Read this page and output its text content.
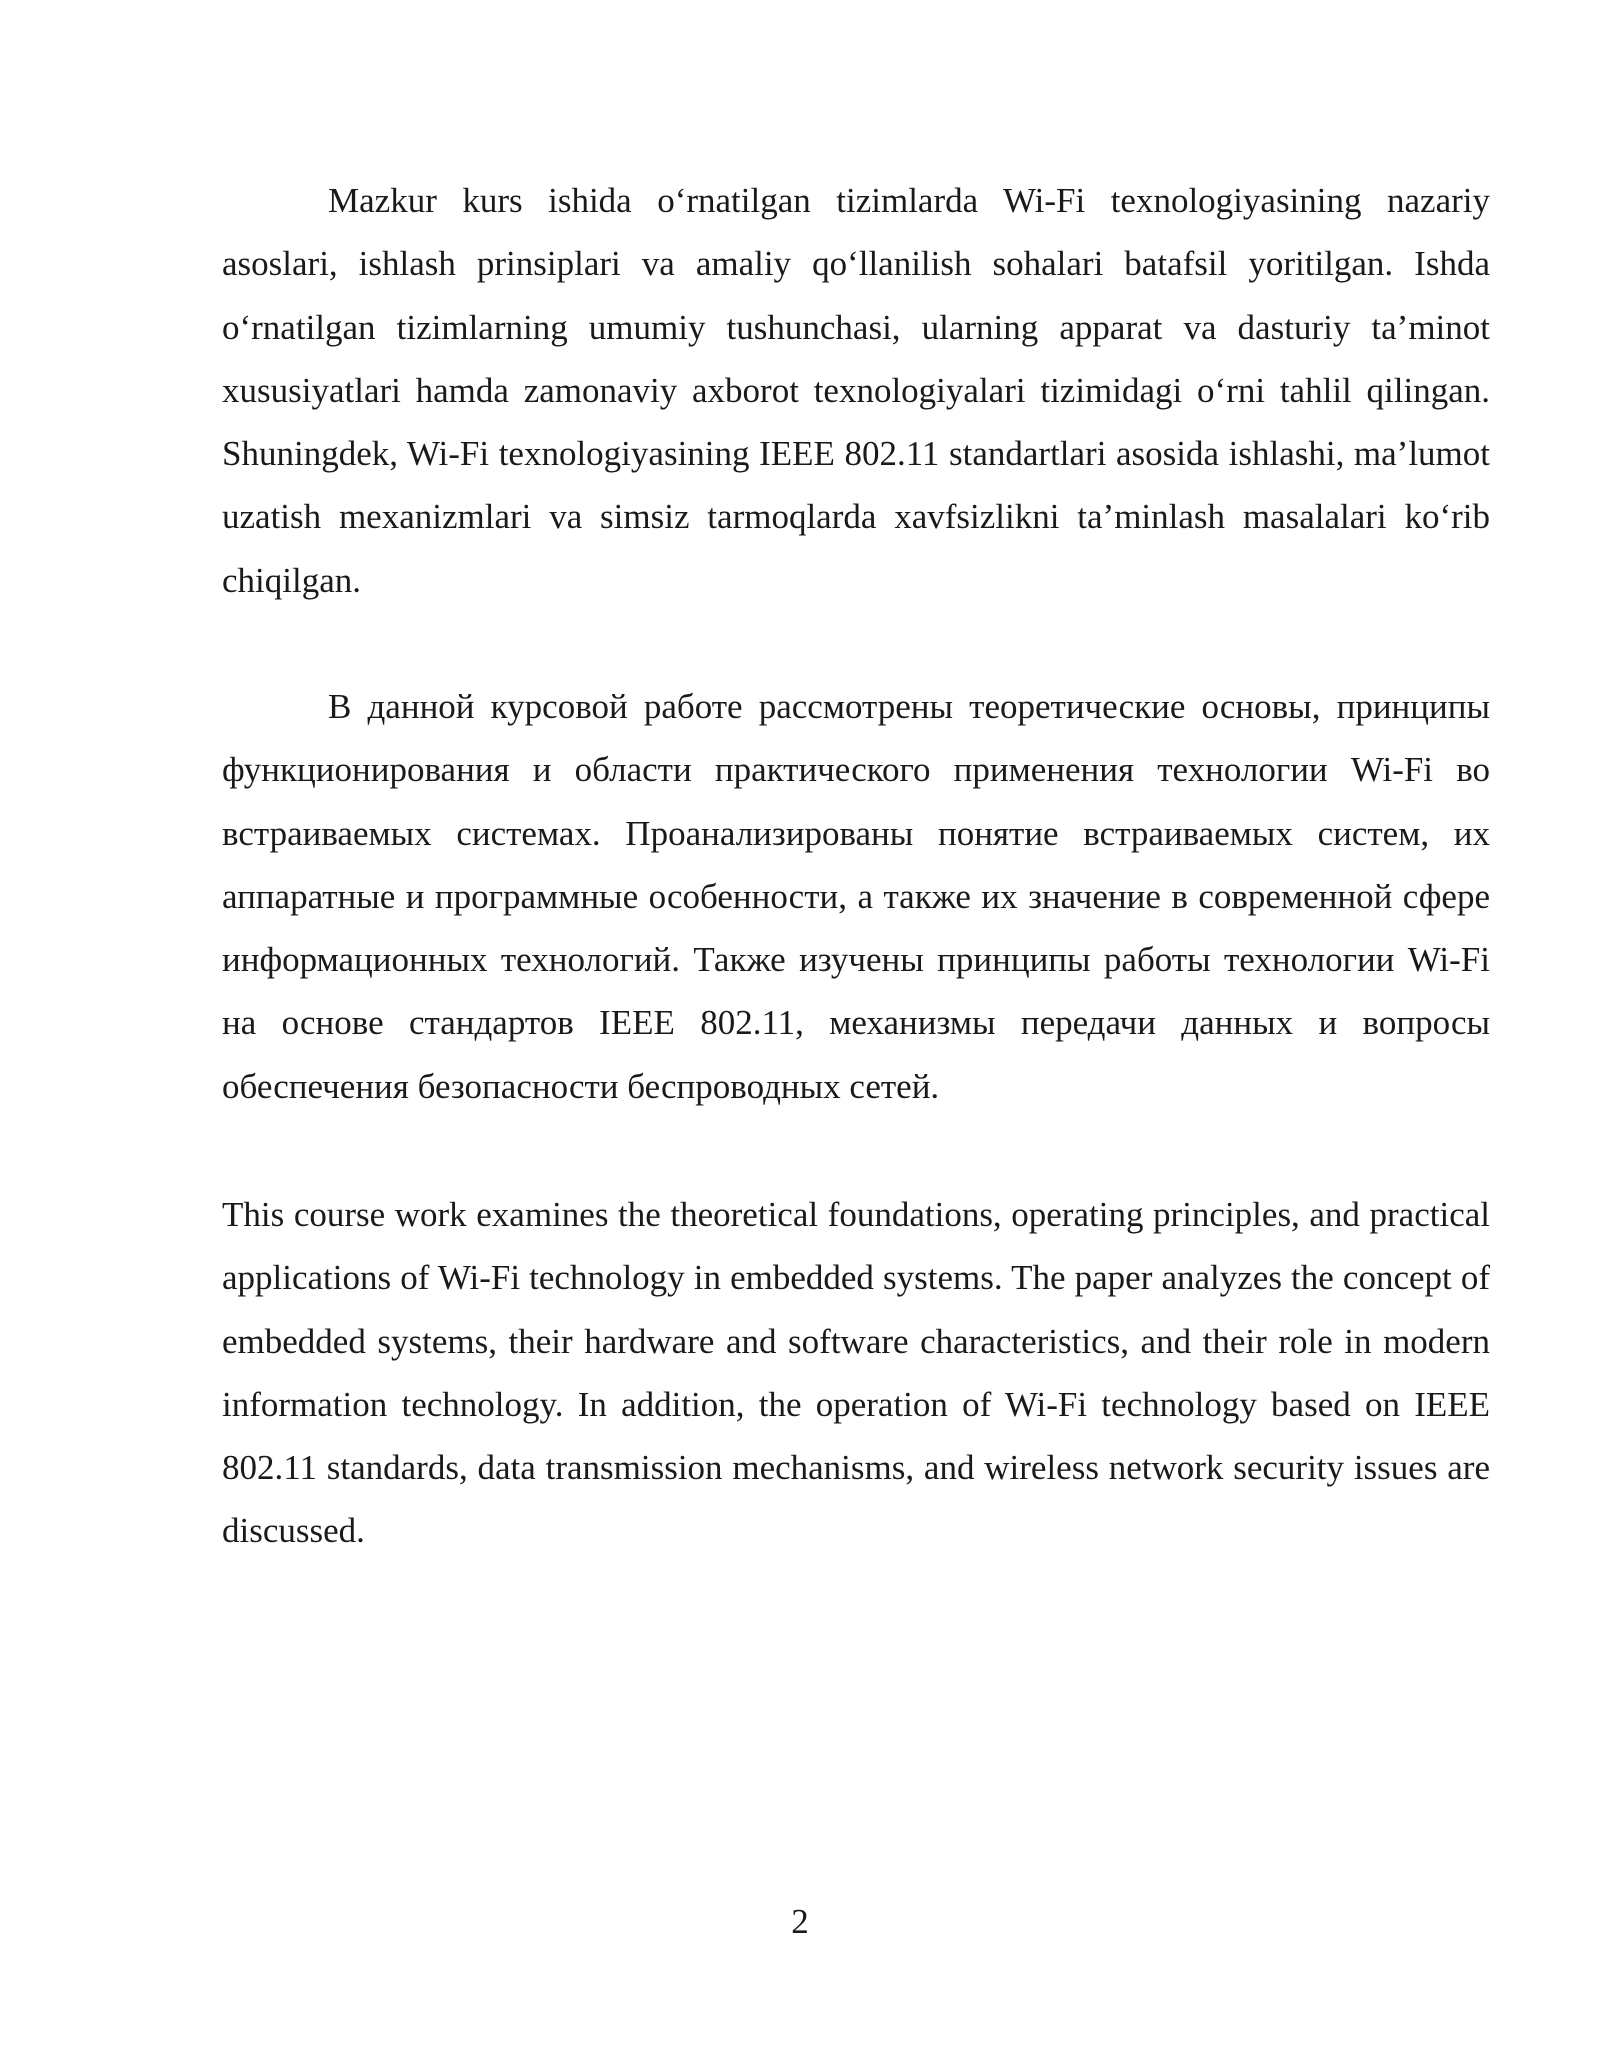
Mazkur kurs ishida o‘rnatilgan tizimlarda Wi-Fi texnologiyasining nazariy asoslari, ishlash prinsiplari va amaliy qo‘llanilish sohalari batafsil yoritilgan. Ishda o‘rnatilgan tizimlarning umumiy tushunchasi, ularning apparat va dasturiy ta’minot xususiyatlari hamda zamonaviy axborot texnologiyalari tizimidagi o‘rni tahlil qilingan. Shuningdek, Wi-Fi texnologiyasining IEEE 802.11 standartlari asosida ishlashi, ma’lumot uzatish mexanizmlari va simsiz tarmoqlarda xavfsizlikni ta’minlash masalalari ko‘rib chiqilgan.

В данной курсовой работе рассмотрены теоретические основы, принципы функционирования и области практического применения технологии Wi-Fi во встраиваемых системах. Проанализированы понятие встраиваемых систем, их аппаратные и программные особенности, а также их значение в современной сфере информационных технологий. Также изучены принципы работы технологии Wi-Fi на основе стандартов IEEE 802.11, механизмы передачи данных и вопросы обеспечения безопасности беспроводных сетей.

This course work examines the theoretical foundations, operating principles, and practical applications of Wi-Fi technology in embedded systems. The paper analyzes the concept of embedded systems, their hardware and software characteristics, and their role in modern information technology. In addition, the operation of Wi-Fi technology based on IEEE 802.11 standards, data transmission mechanisms, and wireless network security issues are discussed.

2
